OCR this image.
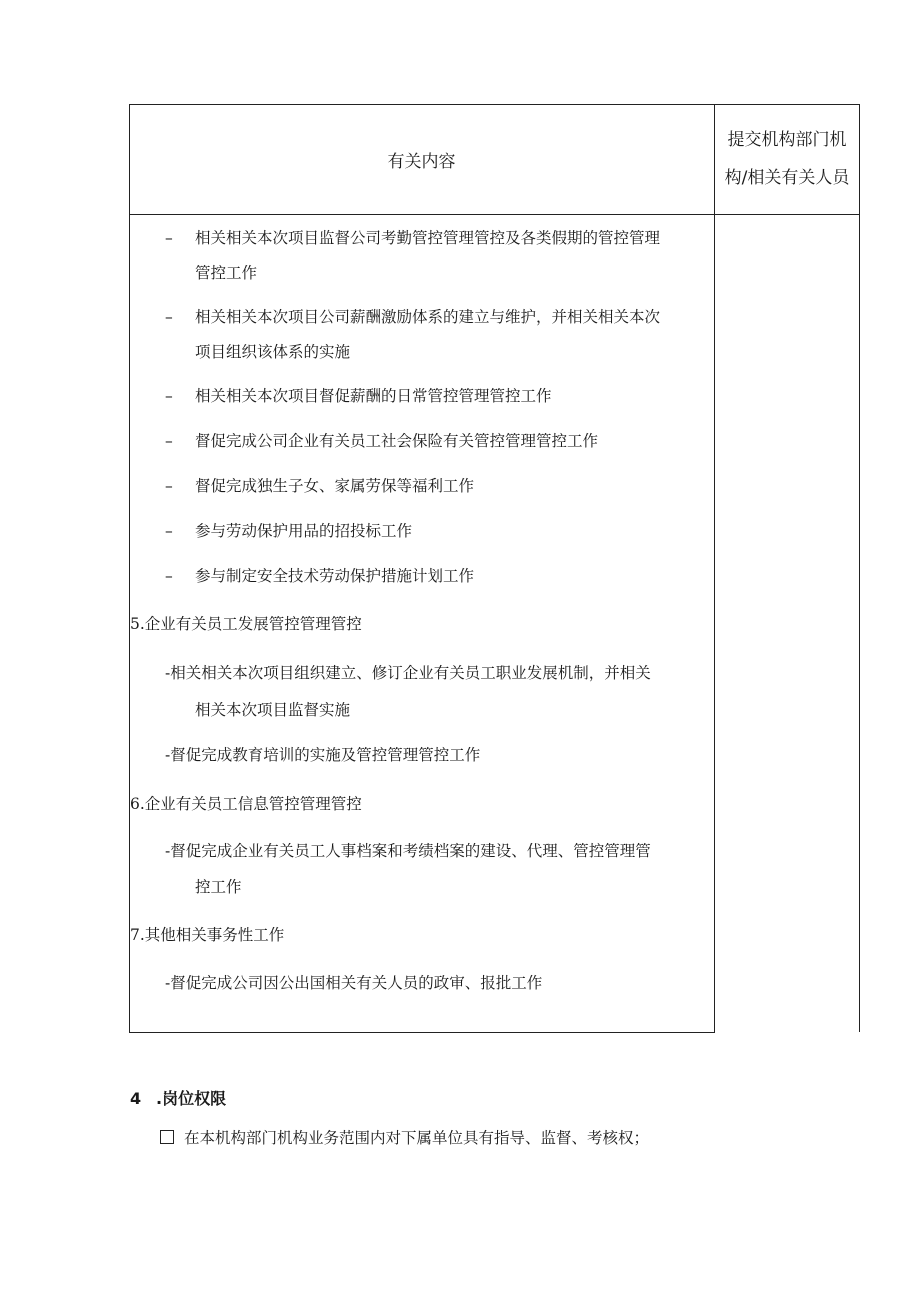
有关内容
提交机构部门机
构/相关有关人员
– 相关相关本次项目监督公司考勤管控管理管控及各类假期的管控管理
管控工作
– 相关相关本次项目公司薪酬激励体系的建立与维护，并相关相关本次
项目组织该体系的实施
– 相关相关本次项目督促薪酬的日常管控管理管控工作
– 督促完成公司企业有关员工社会保险有关管控管理管控工作
– 督促完成独生子女、家属劳保等福利工作
– 参与劳动保护用品的招投标工作
– 参与制定安全技术劳动保护措施计划工作
5.企业有关员工发展管控管理管控
-相关相关本次项目组织建立、修订企业有关员工职业发展机制，并相关
相关本次项目监督实施
-督促完成教育培训的实施及管控管理管控工作
6.企业有关员工信息管控管理管控
-督促完成企业有关员工人事档案和考绩档案的建设、代理、管控管理管
控工作
7.其他相关事务性工作
-督促完成公司因公出国相关有关人员的政审、报批工作
4 .岗位权限
在本机构部门机构业务范围内对下属单位具有指导、监督、考核权；
